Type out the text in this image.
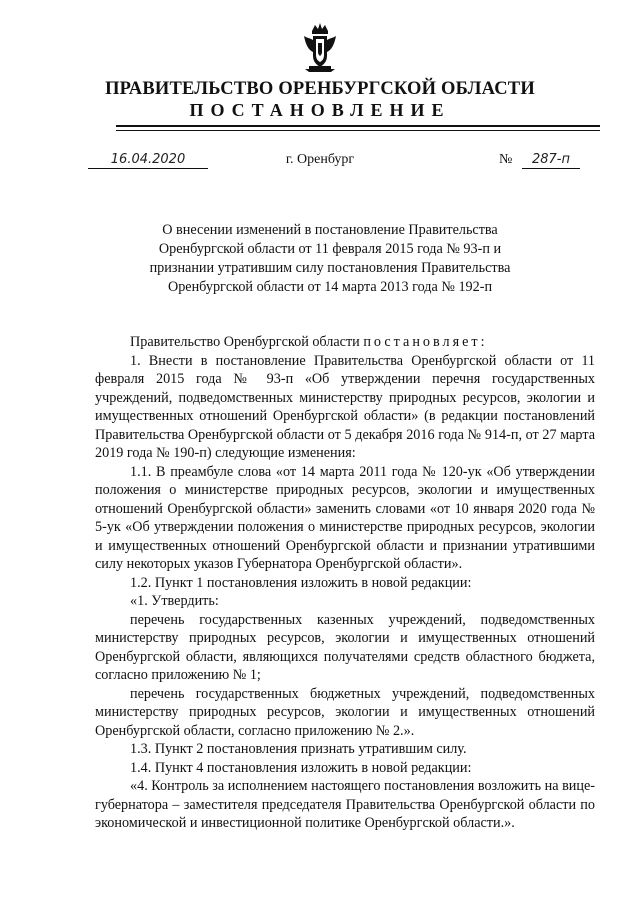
ПРАВИТЕЛЬСТВО ОРЕНБУРГСКОЙ ОБЛАСТИ
ПОСТАНОВЛЕНИЕ
16.04.2020	г. Оренбург	№	287-п
О внесении изменений в постановление Правительства
Оренбургской области от 11 февраля 2015 года № 93-п и
признании утратившим силу постановления Правительства
Оренбургской области от 14 марта 2013 года № 192-п
Правительство Оренбургской области постановляет:
1. Внести в постановление Правительства Оренбургской области от 11 февраля 2015 года № 93-п «Об утверждении перечня государственных учреждений, подведомственных министерству природных ресурсов, экологии и имущественных отношений Оренбургской области» (в редакции постановлений Правительства Оренбургской области от 5 декабря 2016 года № 914-п, от 27 марта 2019 года № 190-п) следующие изменения:
1.1. В преамбуле слова «от 14 марта 2011 года № 120-ук «Об утверждении положения о министерстве природных ресурсов, экологии и имущественных отношений Оренбургской области» заменить словами «от 10 января 2020 года № 5-ук «Об утверждении положения о министерстве природных ресурсов, экологии и имущественных отношений Оренбургской области и признании утратившими силу некоторых указов Губернатора Оренбургской области».
1.2. Пункт 1 постановления изложить в новой редакции:
«1. Утвердить:
перечень государственных казенных учреждений, подведомственных министерству природных ресурсов, экологии и имущественных отношений Оренбургской области, являющихся получателями средств областного бюджета, согласно приложению № 1;
перечень государственных бюджетных учреждений, подведомственных министерству природных ресурсов, экологии и имущественных отношений Оренбургской области, согласно приложению № 2.».
1.3. Пункт 2 постановления признать утратившим силу.
1.4. Пункт 4 постановления изложить в новой редакции:
«4. Контроль за исполнением настоящего постановления возложить на вице-губернатора – заместителя председателя Правительства Оренбургской области по экономической и инвестиционной политике Оренбургской области.».
